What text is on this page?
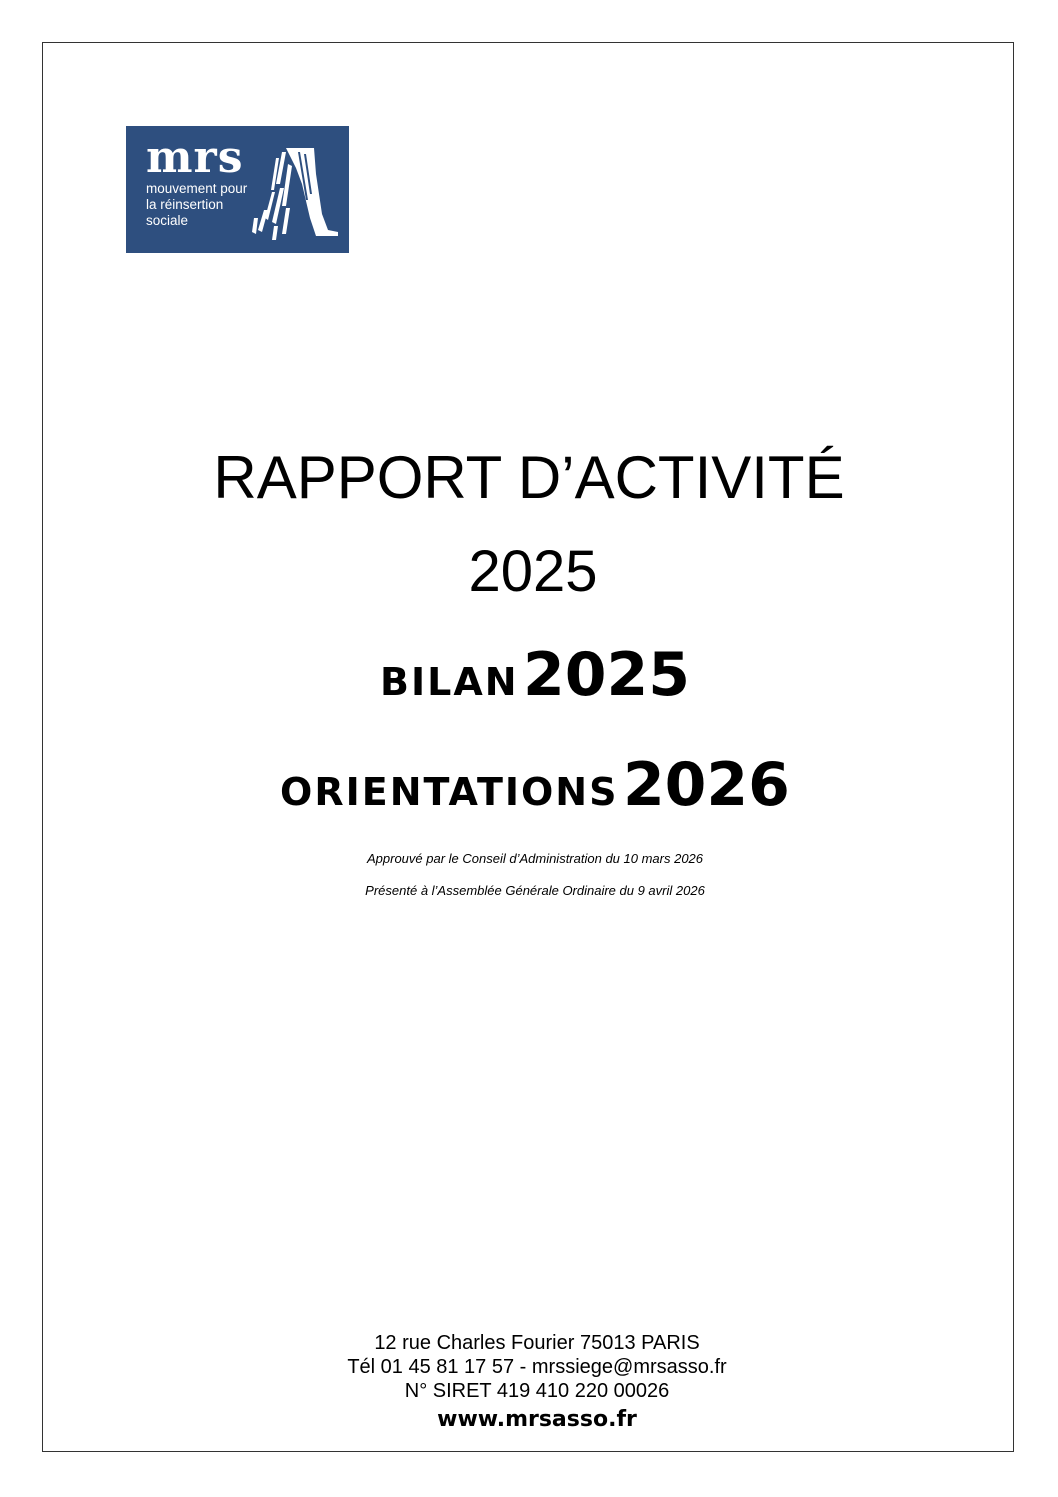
mrs
mouvement pour
la réinsertion
sociale
RAPPORT D’ACTIVITÉ
2025
BILAN 2025
ORIENTATIONS 2026
Approuvé par le Conseil d’Administration du 10 mars 2026
Présenté à l’Assemblée Générale Ordinaire du 9 avril 2026
12 rue Charles Fourier 75013 PARIS
Tél 01 45 81 17 57 - mrssiege@mrsasso.fr
N° SIRET 419 410 220 00026
www.mrsasso.fr
